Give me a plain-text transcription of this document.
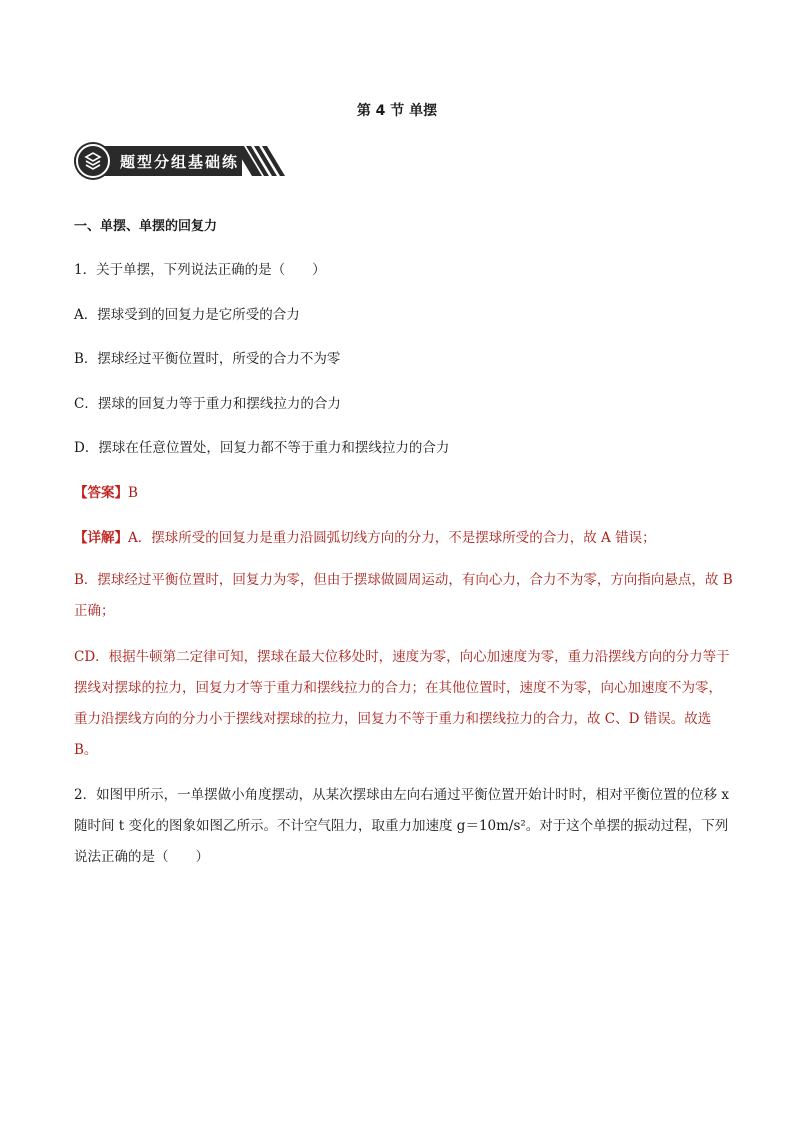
第 4 节 单摆
题型分组基础练
一、单摆、单摆的回复力
1．关于单摆，下列说法正确的是（　　）
A．摆球受到的回复力是它所受的合力
B．摆球经过平衡位置时，所受的合力不为零
C．摆球的回复力等于重力和摆线拉力的合力
D．摆球在任意位置处，回复力都不等于重力和摆线拉力的合力
【答案】B
【详解】A．摆球所受的回复力是重力沿圆弧切线方向的分力，不是摆球所受的合力，故 A 错误；
B．摆球经过平衡位置时，回复力为零，但由于摆球做圆周运动，有向心力，合力不为零，方向指向悬点，故 B 正确；
CD．根据牛顿第二定律可知，摆球在最大位移处时，速度为零，向心加速度为零，重力沿摆线方向的分力等于摆线对摆球的拉力，回复力才等于重力和摆线拉力的合力；在其他位置时，速度不为零，向心加速度不为零，重力沿摆线方向的分力小于摆线对摆球的拉力，回复力不等于重力和摆线拉力的合力，故 C、D 错误。故选 B。
2．如图甲所示，一单摆做小角度摆动，从某次摆球由左向右通过平衡位置开始计时时，相对平衡位置的位移 x 随时间 t 变化的图象如图乙所示。不计空气阻力，取重力加速度 g＝10m/s²。对于这个单摆的振动过程，下列说法正确的是（　　）
